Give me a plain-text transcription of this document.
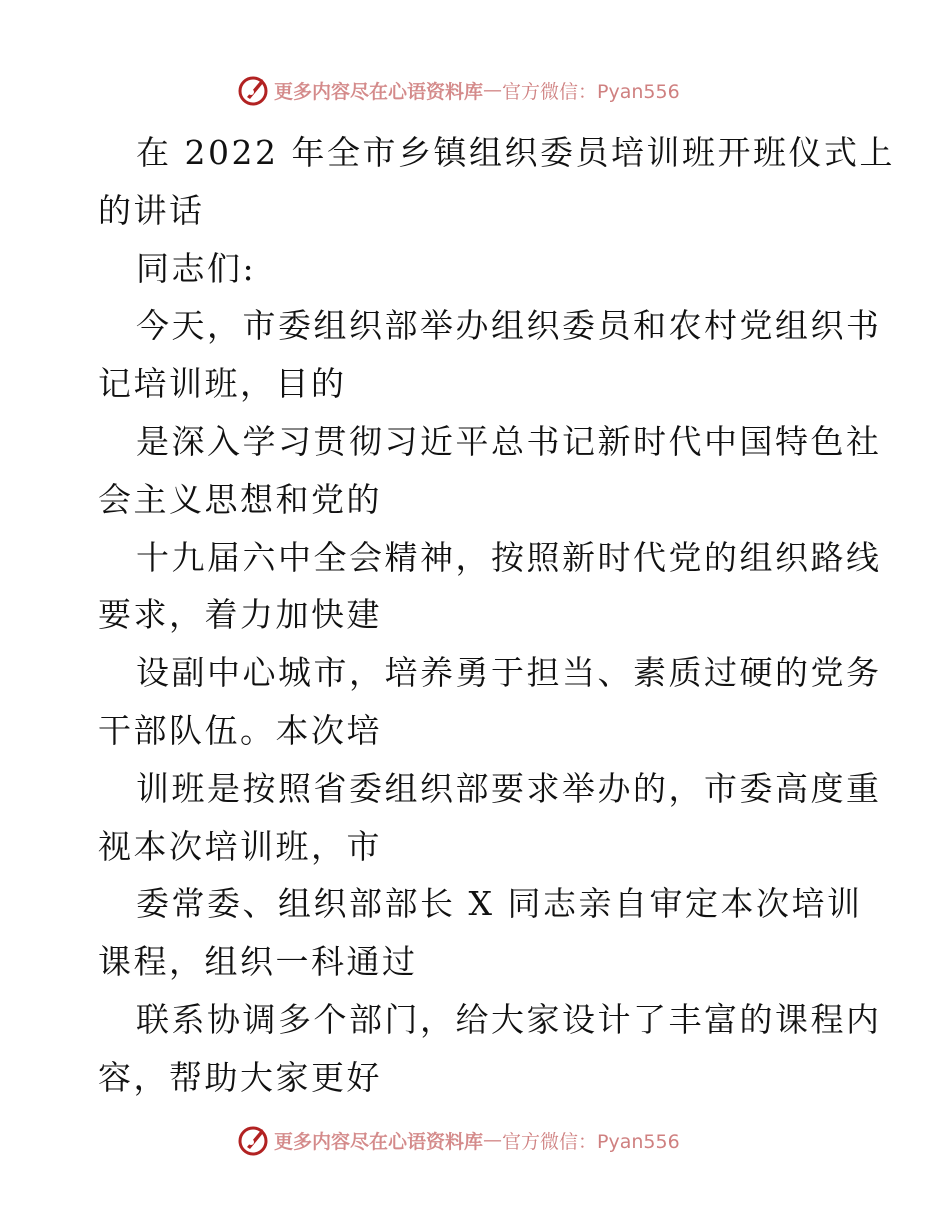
更多内容尽在心语资料库 — 官方微信：Pyan556
在 2022 年全市乡镇组织委员培训班开班仪式上
的讲话
同志们:
今天，市委组织部举办组织委员和农村党组织书
记培训班，目的
是深入学习贯彻习近平总书记新时代中国特色社
会主义思想和党的
十九届六中全会精神，按照新时代党的组织路线
要求，着力加快建
设副中心城市，培养勇于担当、素质过硬的党务
干部队伍。本次培
训班是按照省委组织部要求举办的，市委高度重
视本次培训班，市
委常委、组织部部长 X 同志亲自审定本次培训
课程，组织一科通过
联系协调多个部门，给大家设计了丰富的课程内
容，帮助大家更好
更多内容尽在心语资料库 — 官方微信：Pyan556
